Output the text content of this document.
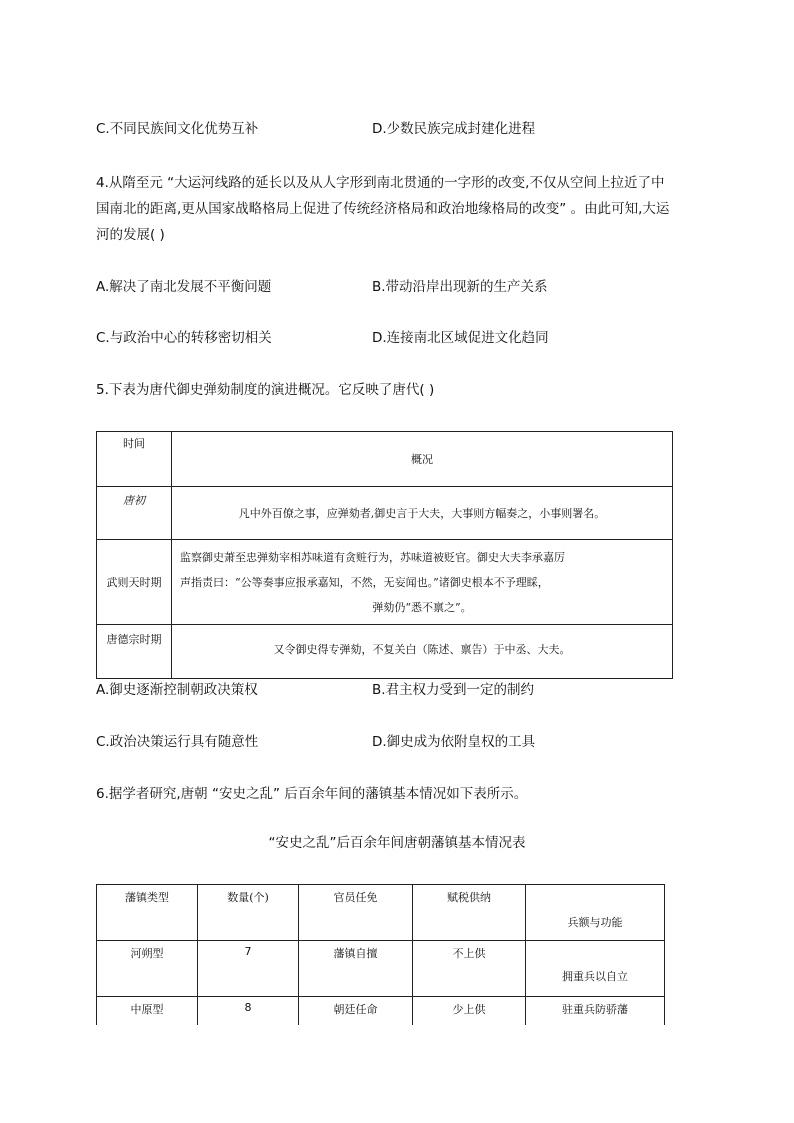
C.不同民族间文化优势互补	D.少数民族完成封建化进程
4.从隋至元 “大运河线路的延长以及从人字形到南北贯通的一字形的改变,不仅从空间上拉近了中
国南北的距离,更从国家战略格局上促进了传统经济格局和政治地缘格局的改变” 。由此可知,大运
河的发展( )
A.解决了南北发展不平衡问题	B.带动沿岸出现新的生产关系
C.与政治中心的转移密切相关	D.连接南北区域促进文化趋同
5.下表为唐代御史弹劾制度的演进概况。它反映了唐代( )
时间	概况
唐初	凡中外百僚之事，应弹劾者,御史言于大夫，大事则方幅奏之，小事则署名。
武则天时期	监察御史萧至忠弹劾宰相苏味道有贪赃行为，苏味道被贬官。御史大夫李承嘉厉
声指责曰：“公等奏事应报承嘉知，不然，无妄闻也。”诸御史根本不予理睬，
弹劾仍“悉不禀之”。

唐德宗时期	又令御史得专弹劾，不复关白（陈述、禀告）于中丞、大夫。
A.御史逐渐控制朝政决策权	B.君主权力受到一定的制约
C.政治决策运行具有随意性	D.御史成为依附皇权的工具
6.据学者研究,唐朝 “安史之乱” 后百余年间的藩镇基本情况如下表所示。
“安史之乱”后百余年间唐朝藩镇基本情况表
藩镇类型	数量(个)	官员任免	赋税供纳	兵额与功能
河朔型	7	藩镇自擅	不上供	拥重兵以自立
中原型	8	朝廷任命	少上供	驻重兵防骄藩
